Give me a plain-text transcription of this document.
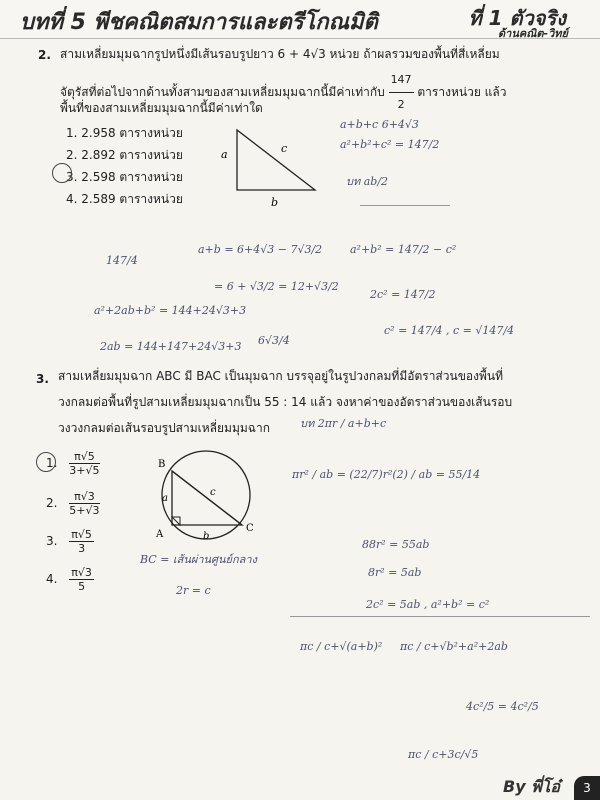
บทที่ 5 พีชคณิตสมการและตรีโกณมิติ	ที่ 1 ตัวจริง
ด้านคณิต-วิทย์
2. สามเหลี่ยมมุมฉากรูปหนึ่งมีเส้นรอบรูปยาว 6 + 4√3 หน่วย ถ้าผลรวมของพื้นที่สี่เหลี่ยม
จัตุรัสที่ต่อไปจากด้านทั้งสามของสามเหลี่ยมมุมฉากนี้มีค่าเท่ากับ $\frac{147}{2}$ ตารางหน่วย แล้ว
พื้นที่ของสามเหลี่ยมมุมฉากนี้มีค่าเท่าใด
1. 2.958 ตารางหน่วย
2. 2.892 ตารางหน่วย
3. 2.598 ตารางหน่วย
4. 2.589 ตารางหน่วย
a	c
b
a+b+c 6+4√3
a²+b²+c² = 147/2
บท ab/2
a+b = 6+4√3 − 7√3/2
= 6 + √3/2 = 12+√3/2
a²+b² = 147/2 − c²
2c² = 147/2
c² = 147/4 , c = √147/4
a²+2ab+b² = 144+24√3+3
2ab = 144+147+24√3+3
147/4
6√3/4
3. สามเหลี่ยมมุมฉาก ABC มี BAC เป็นมุมฉาก บรรจุอยู่ในรูปวงกลมที่มีอัตราส่วนของพื้นที่
วงกลมต่อพื้นที่รูปสามเหลี่ยมมุมฉากเป็น 55 : 14 แล้ว จงหาค่าของอัตราส่วนของเส้นรอบ
วงวงกลมต่อเส้นรอบรูปสามเหลี่ยมมุมฉาก	บท 2πr / a+b+c
1. $\frac{\pi√5}{3+√5}$
2. $\frac{\pi√3}{5+√3}$
3. $\frac{\pi√5}{3}$
4. $\frac{\pi√3}{5}$
B
A
C
a
b
c
πr² / ab = (22/7)r²(2) / ab = 55/14
BC = เส้นผ่านศูนย์กลาง
2r = c
88r² = 55ab
8r² = 5ab
2c² = 5ab , a²+b² = c²
πc / c+√(a+b)² πc / c+√b²+a²+2ab
4c²/5 = 4c²/5
πc / c+3c/√5
By พี่โอ๋	3
